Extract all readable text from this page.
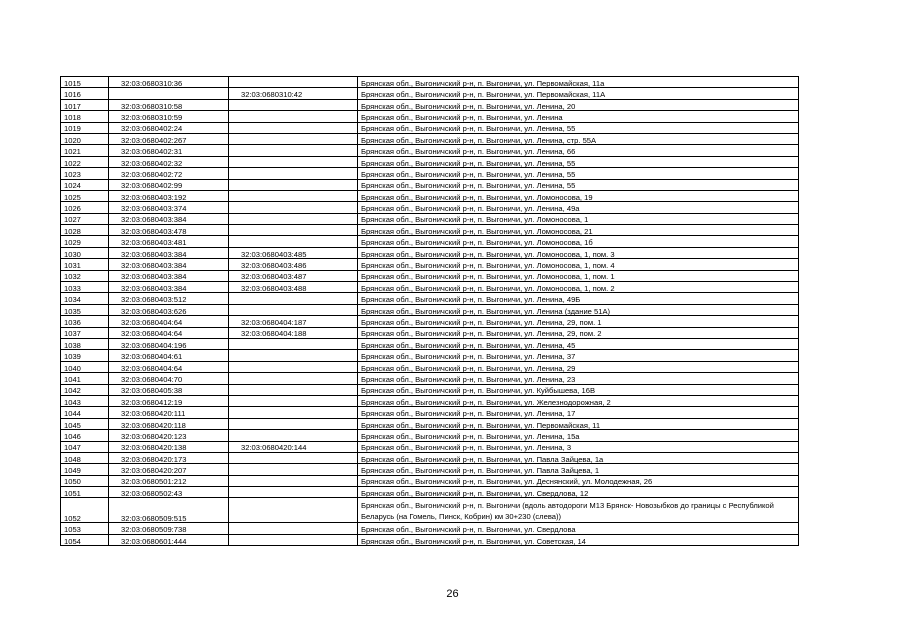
1015	32:03:0680310:36		Брянская обл., Выгоничский р-н, п. Выгоничи, ул. Первомайская, 11а
1016		32:03:0680310:42	Брянская обл., Выгоничский р-н, п. Выгоничи, ул. Первомайская, 11А
1017	32:03:0680310:58		Брянская обл., Выгоничский р-н, п. Выгоничи, ул. Ленина, 20
1018	32:03:0680310:59		Брянская обл., Выгоничский р-н, п. Выгоничи, ул. Ленина
1019	32:03:0680402:24		Брянская обл., Выгоничский р-н, п. Выгоничи, ул. Ленина, 55
1020	32:03:0680402:267		Брянская обл., Выгоничский р-н, п. Выгоничи, ул. Ленина, стр. 55А
1021	32:03:0680402:31		Брянская обл., Выгоничский р-н, п. Выгоничи, ул. Ленина, 66
1022	32:03:0680402:32		Брянская обл., Выгоничский р-н, п. Выгоничи, ул. Ленина, 55
1023	32:03:0680402:72		Брянская обл., Выгоничский р-н, п. Выгоничи, ул. Ленина, 55
1024	32:03:0680402:99		Брянская обл., Выгоничский р-н, п. Выгоничи, ул. Ленина, 55
1025	32:03:0680403:192		Брянская обл., Выгоничский р-н, п. Выгоничи, ул. Ломоносова, 19
1026	32:03:0680403:374		Брянская обл., Выгоничский р-н, п. Выгоничи, ул. Ленина, 49а
1027	32:03:0680403:384		Брянская обл., Выгоничский р-н, п. Выгоничи, ул. Ломоносова, 1
1028	32:03:0680403:478		Брянская обл., Выгоничский р-н, п. Выгоничи, ул. Ломоносова, 21
1029	32:03:0680403:481		Брянская обл., Выгоничский р-н, п. Выгоничи, ул. Ломоносова, 1б
1030	32:03:0680403:384	32:03:0680403:485	Брянская обл., Выгоничский р-н, п. Выгоничи, ул. Ломоносова, 1, пом. 3
1031	32:03:0680403:384	32:03:0680403:486	Брянская обл., Выгоничский р-н, п. Выгоничи, ул. Ломоносова, 1, пом. 4
1032	32:03:0680403:384	32:03:0680403:487	Брянская обл., Выгоничский р-н, п. Выгоничи, ул. Ломоносова, 1, пом. 1
1033	32:03:0680403:384	32:03:0680403:488	Брянская обл., Выгоничский р-н, п. Выгоничи, ул. Ломоносова, 1, пом. 2
1034	32:03:0680403:512		Брянская обл., Выгоничский р-н, п. Выгоничи, ул. Ленина, 49Б
1035	32:03:0680403:626		Брянская обл., Выгоничский р-н, п. Выгоничи, ул. Ленина (здание 51А)
1036	32:03:0680404:64	32:03:0680404:187	Брянская обл., Выгоничский р-н, п. Выгоничи, ул. Ленина, 29, пом. 1
1037	32:03:0680404:64	32:03:0680404:188	Брянская обл., Выгоничский р-н, п. Выгоничи, ул. Ленина, 29, пом. 2
1038	32:03:0680404:196		Брянская обл., Выгоничский р-н, п. Выгоничи, ул. Ленина, 45
1039	32:03:0680404:61		Брянская обл., Выгоничский р-н, п. Выгоничи, ул. Ленина, 37
1040	32:03:0680404:64		Брянская обл., Выгоничский р-н, п. Выгоничи, ул. Ленина, 29
1041	32:03:0680404:70		Брянская обл., Выгоничский р-н, п. Выгоничи, ул. Ленина, 23
1042	32:03:0680405:38		Брянская обл., Выгоничский р-н, п. Выгоничи, ул. Куйбышева, 16В
1043	32:03:0680412:19		Брянская обл., Выгоничский р-н, п. Выгоничи, ул. Железнодорожная, 2
1044	32:03:0680420:111		Брянская обл., Выгоничский р-н, п. Выгоничи, ул. Ленина, 17
1045	32:03:0680420:118		Брянская обл., Выгоничский р-н, п. Выгоничи, ул. Первомайская, 11
1046	32:03:0680420:123		Брянская обл., Выгоничский р-н, п. Выгоничи, ул. Ленина, 15а
1047	32:03:0680420:138	32:03:0680420:144	Брянская обл., Выгоничский р-н, п. Выгоничи, ул. Ленина, 3
1048	32:03:0680420:173		Брянская обл., Выгоничский р-н, п. Выгоничи, ул. Павла Зайцева, 1а
1049	32:03:0680420:207		Брянская обл., Выгоничский р-н, п. Выгоничи, ул. Павла Зайцева, 1
1050	32:03:0680501:212		Брянская обл., Выгоничский р-н, п. Выгоничи, ул. Деснянский, ул. Молодежная, 26
1051	32:03:0680502:43		Брянская обл., Выгоничский р-н, п. Выгоничи, ул. Свердлова, 12
1052	32:03:0680509:515		Брянская обл., Выгоничский р-н, п. Выгоничи (вдоль автодороги М13 Брянск- Новозыбков до границы с Республикой Беларусь (на Гомель, Пинск, Кобрин) км 30+230 (слева))
1053	32:03:0680509:738		Брянская обл., Выгоничский р-н, п. Выгоничи, ул. Свердлова
1054	32:03:0680601:444		Брянская обл., Выгоничский р-н, п. Выгоничи, ул. Советская, 14
26
